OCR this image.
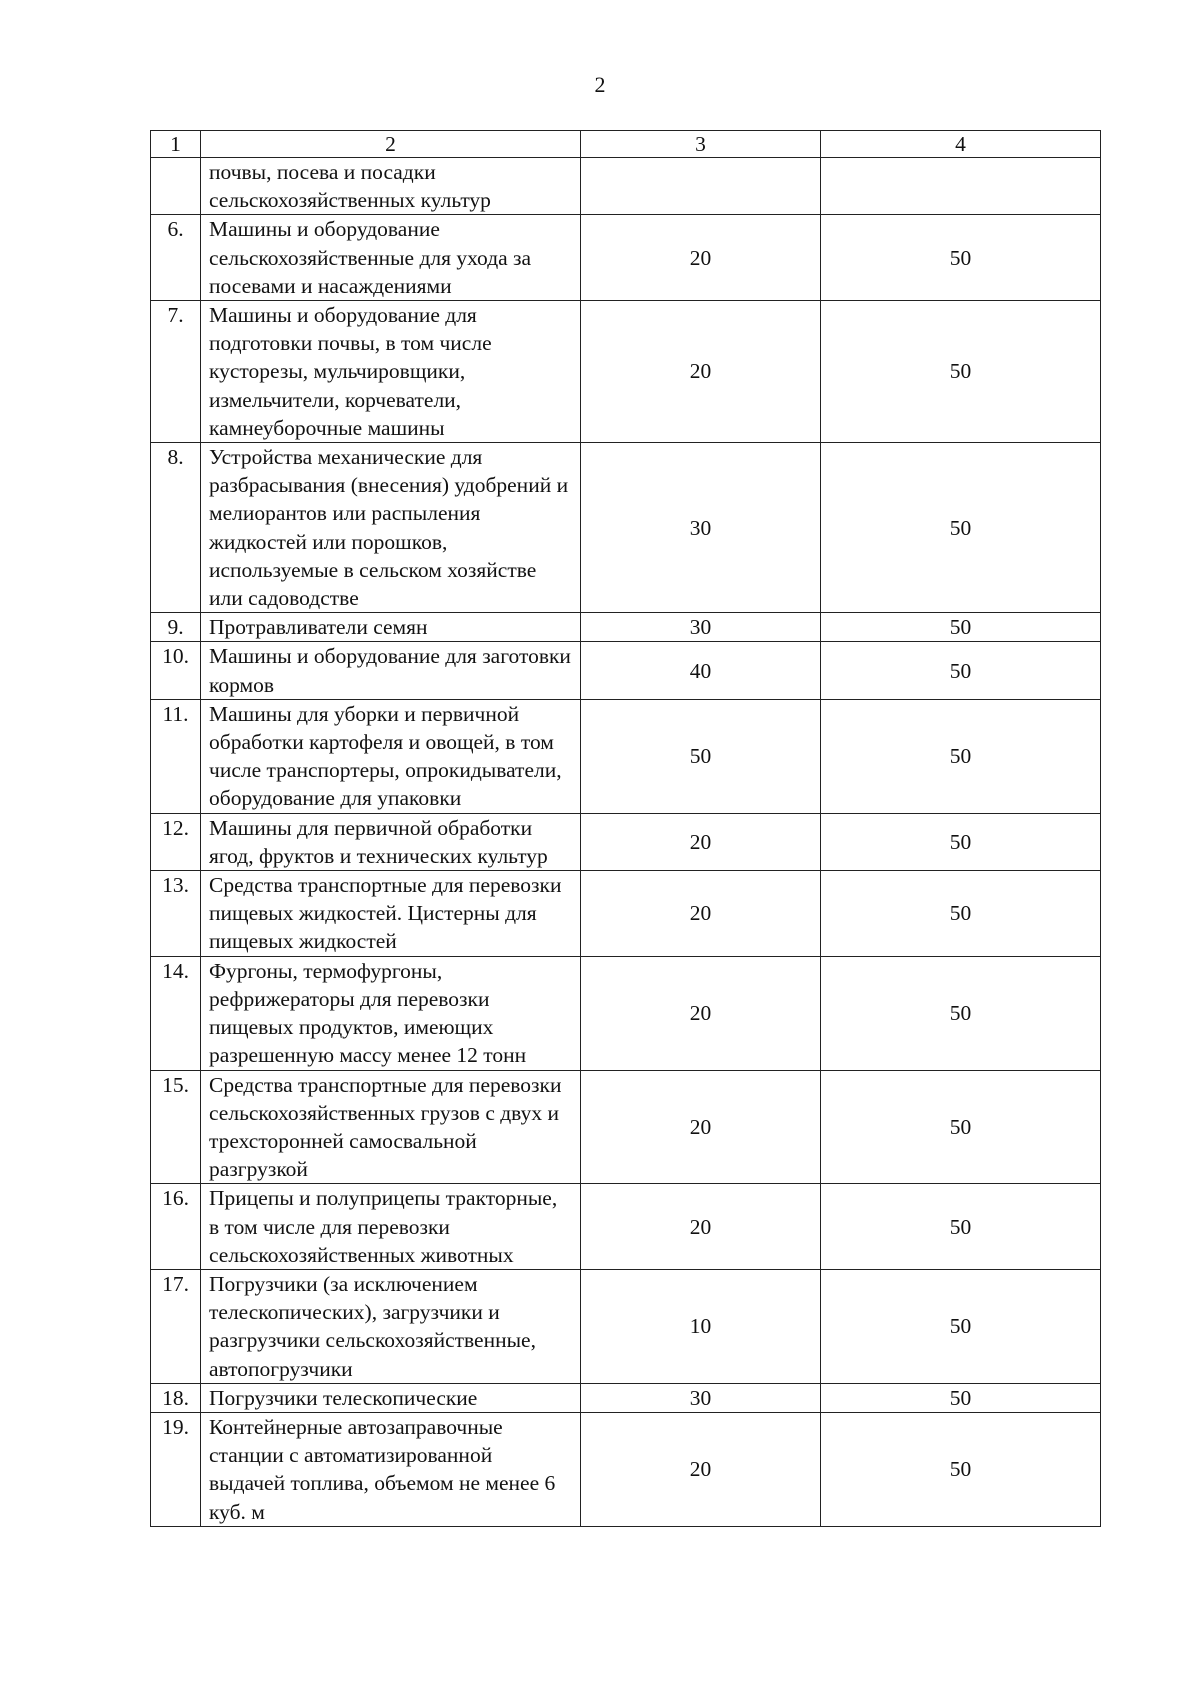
2
1	2	3	4
	почвы, посева и посадки сельскохозяйственных культур		
6.	Машины и оборудование сельскохозяйственные для ухода за посевами и насаждениями	20	50
7.	Машины и оборудование для подготовки почвы, в том числе кусторезы, мульчировщики, измельчители, корчеватели, камнеуборочные машины	20	50
8.	Устройства механические для разбрасывания (внесения) удобрений и мелиорантов или распыления жидкостей или порошков, используемые в сельском хозяйстве или садоводстве	30	50
9.	Протравливатели семян	30	50
10.	Машины и оборудование для заготовки кормов	40	50
11.	Машины для уборки и первичной обработки картофеля и овощей, в том числе транспортеры, опрокидыватели, оборудование для упаковки	50	50
12.	Машины для первичной обработки ягод, фруктов и технических культур	20	50
13.	Средства транспортные для перевозки пищевых жидкостей. Цистерны для пищевых жидкостей	20	50
14.	Фургоны, термофургоны, рефрижераторы для перевозки пищевых продуктов, имеющих разрешенную массу менее 12 тонн	20	50
15.	Средства транспортные для перевозки сельскохозяйственных грузов с двух и трехсторонней самосвальной разгрузкой	20	50
16.	Прицепы и полуприцепы тракторные, в том числе для перевозки сельскохозяйственных животных	20	50
17.	Погрузчики (за исключением телескопических), загрузчики и разгрузчики сельскохозяйственные, автопогрузчики	10	50
18.	Погрузчики телескопические	30	50
19.	Контейнерные автозаправочные станции с автоматизированной выдачей топлива, объемом не менее 6 куб. м	20	50
